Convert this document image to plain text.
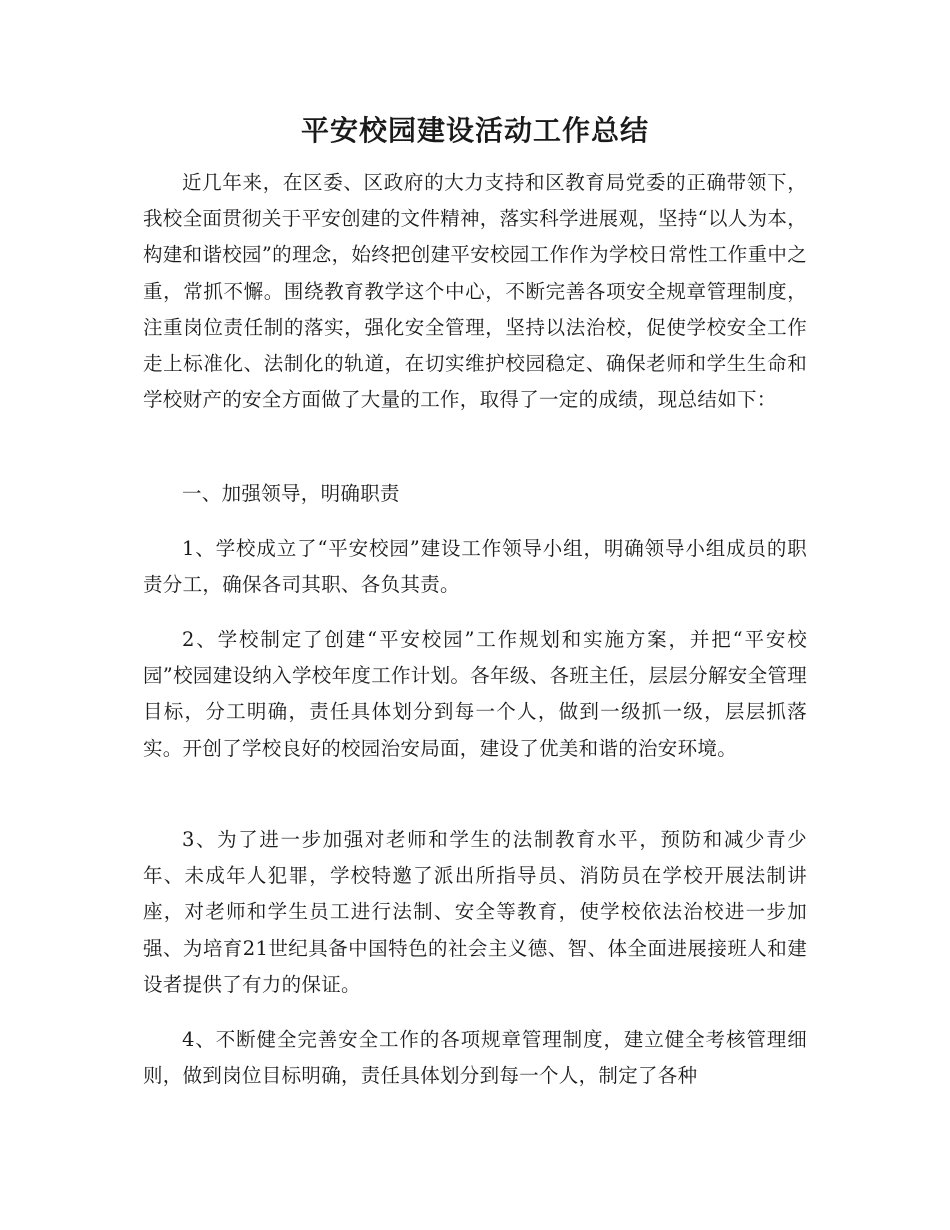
平安校园建设活动工作总结

近几年来，在区委、区政府的大力支持和区教育局党委的正确带领下，我校全面贯彻关于平安创建的文件精神，落实科学进展观，坚持“以人为本，构建和谐校园”的理念，始终把创建平安校园工作作为学校日常性工作重中之重，常抓不懈。围绕教育教学这个中心，不断完善各项安全规章管理制度，注重岗位责任制的落实，强化安全管理，坚持以法治校，促使学校安全工作走上标准化、法制化的轨道，在切实维护校园稳定、确保老师和学生生命和学校财产的安全方面做了大量的工作，取得了一定的成绩，现总结如下：

一、加强领导，明确职责

1、学校成立了“平安校园”建设工作领导小组，明确领导小组成员的职责分工，确保各司其职、各负其责。

2、学校制定了创建“平安校园”工作规划和实施方案，并把“平安校园”校园建设纳入学校年度工作计划。各年级、各班主任，层层分解安全管理目标，分工明确，责任具体划分到每一个人，做到一级抓一级，层层抓落实。开创了学校良好的校园治安局面，建设了优美和谐的治安环境。

3、为了进一步加强对老师和学生的法制教育水平，预防和减少青少年、未成年人犯罪，学校特邀了派出所指导员、消防员在学校开展法制讲座，对老师和学生员工进行法制、安全等教育，使学校依法治校进一步加强、为培育21世纪具备中国特色的社会主义德、智、体全面进展接班人和建设者提供了有力的保证。

4、不断健全完善安全工作的各项规章管理制度，建立健全考核管理细则，做到岗位目标明确，责任具体划分到每一个人，制定了各种
